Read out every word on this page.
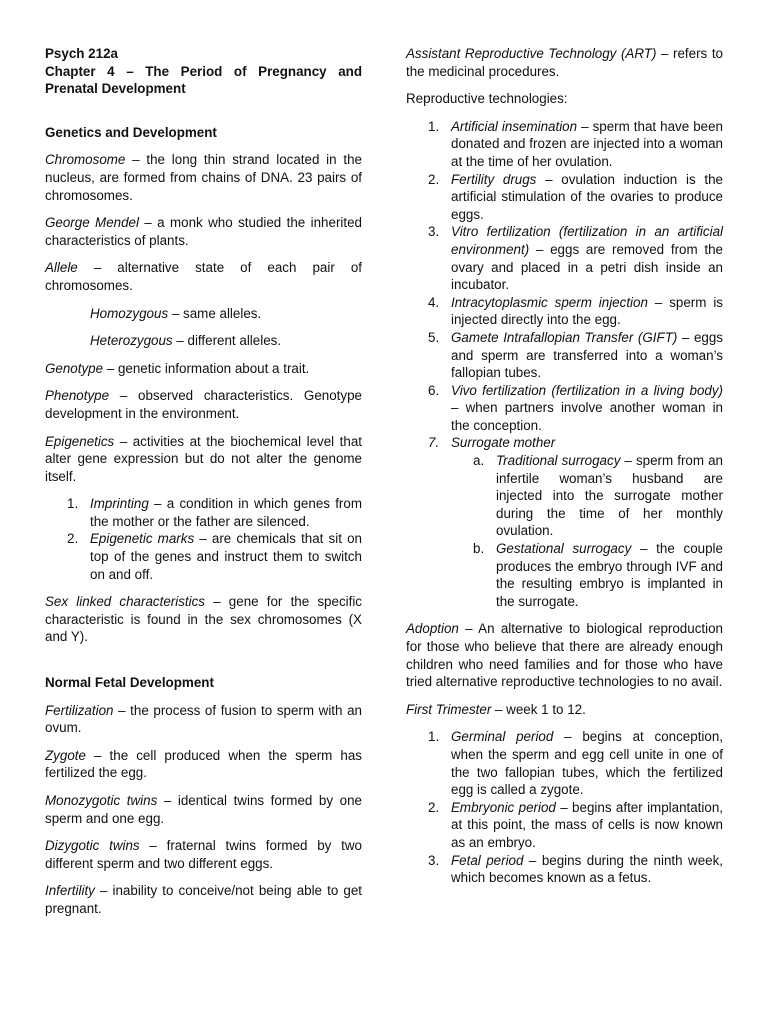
Psych 212a

Chapter 4 – The Period of Pregnancy and Prenatal Development

Genetics and Development

Chromosome – the long thin strand located in the nucleus, are formed from chains of DNA. 23 pairs of chromosomes.

George Mendel – a monk who studied the inherited characteristics of plants.

Allele – alternative state of each pair of chromosomes.

Homozygous – same alleles.

Heterozygous – different alleles.

Genotype – genetic information about a trait.

Phenotype – observed characteristics. Genotype development in the environment.

Epigenetics – activities at the biochemical level that alter gene expression but do not alter the genome itself.

1. Imprinting – a condition in which genes from the mother or the father are silenced.
2. Epigenetic marks – are chemicals that sit on top of the genes and instruct them to switch on and off.

Sex linked characteristics – gene for the specific characteristic is found in the sex chromosomes (X and Y).

Normal Fetal Development

Fertilization – the process of fusion to sperm with an ovum.

Zygote – the cell produced when the sperm has fertilized the egg.

Monozygotic twins – identical twins formed by one sperm and one egg.

Dizygotic twins – fraternal twins formed by two different sperm and two different eggs.

Infertility – inability to conceive/not being able to get pregnant.

Assistant Reproductive Technology (ART) – refers to the medicinal procedures.

Reproductive technologies:

1. Artificial insemination – sperm that have been donated and frozen are injected into a woman at the time of her ovulation.
2. Fertility drugs – ovulation induction is the artificial stimulation of the ovaries to produce eggs.
3. Vitro fertilization (fertilization in an artificial environment) – eggs are removed from the ovary and placed in a petri dish inside an incubator.
4. Intracytoplasmic sperm injection – sperm is injected directly into the egg.
5. Gamete Intrafallopian Transfer (GIFT) – eggs and sperm are transferred into a woman’s fallopian tubes.
6. Vivo fertilization (fertilization in a living body) – when partners involve another woman in the conception.
7. Surrogate mother
a. Traditional surrogacy – sperm from an infertile woman’s husband are injected into the surrogate mother during the time of her monthly ovulation.
b. Gestational surrogacy – the couple produces the embryo through IVF and the resulting embryo is implanted in the surrogate.

Adoption – An alternative to biological reproduction for those who believe that there are already enough children who need families and for those who have tried alternative reproductive technologies to no avail.

First Trimester – week 1 to 12.

1. Germinal period – begins at conception, when the sperm and egg cell unite in one of the two fallopian tubes, which the fertilized egg is called a zygote.
2. Embryonic period – begins after implantation, at this point, the mass of cells is now known as an embryo.
3. Fetal period – begins during the ninth week, which becomes known as a fetus.
